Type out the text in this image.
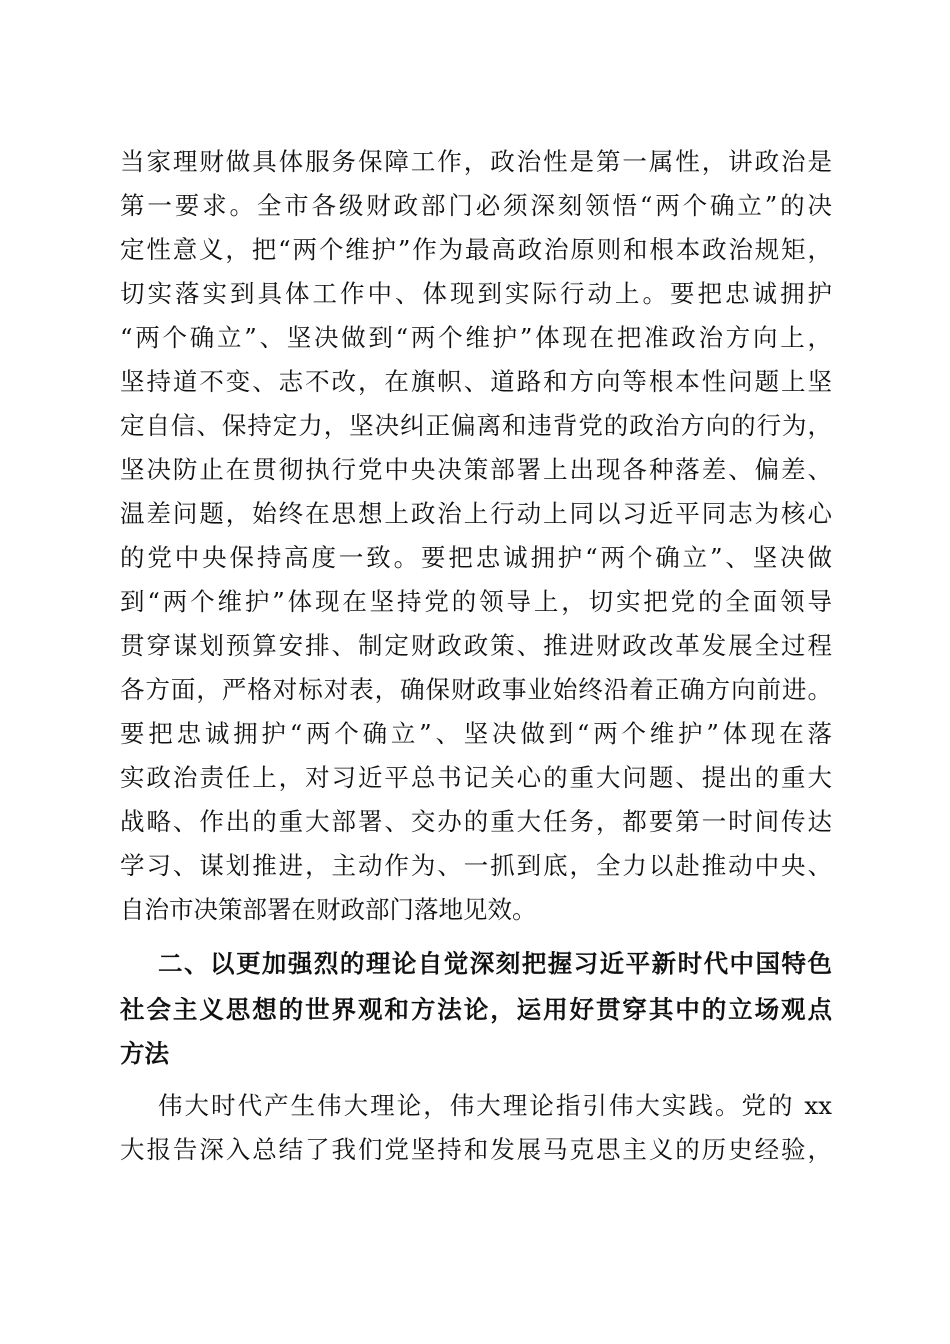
当家理财做具体服务保障工作，政治性是第一属性，讲政治是
第一要求。全市各级财政部门必须深刻领悟“两个确立”的决
定性意义，把“两个维护”作为最高政治原则和根本政治规矩，
切实落实到具体工作中、体现到实际行动上。要把忠诚拥护
“两个确立”、坚决做到“两个维护”体现在把准政治方向上，
坚持道不变、志不改，在旗帜、道路和方向等根本性问题上坚
定自信、保持定力，坚决纠正偏离和违背党的政治方向的行为，
坚决防止在贯彻执行党中央决策部署上出现各种落差、偏差、
温差问题，始终在思想上政治上行动上同以习近平同志为核心
的党中央保持高度一致。要把忠诚拥护“两个确立”、坚决做
到“两个维护”体现在坚持党的领导上，切实把党的全面领导
贯穿谋划预算安排、制定财政政策、推进财政改革发展全过程
各方面，严格对标对表，确保财政事业始终沿着正确方向前进。
要把忠诚拥护“两个确立”、坚决做到“两个维护”体现在落
实政治责任上，对习近平总书记关心的重大问题、提出的重大
战略、作出的重大部署、交办的重大任务，都要第一时间传达
学习、谋划推进，主动作为、一抓到底，全力以赴推动中央、
自治市决策部署在财政部门落地见效。
二、以更加强烈的理论自觉深刻把握习近平新时代中国特色
社会主义思想的世界观和方法论，运用好贯穿其中的立场观点
方法
伟大时代产生伟大理论，伟大理论指引伟大实践。党的 xx
大报告深入总结了我们党坚持和发展马克思主义的历史经验，
